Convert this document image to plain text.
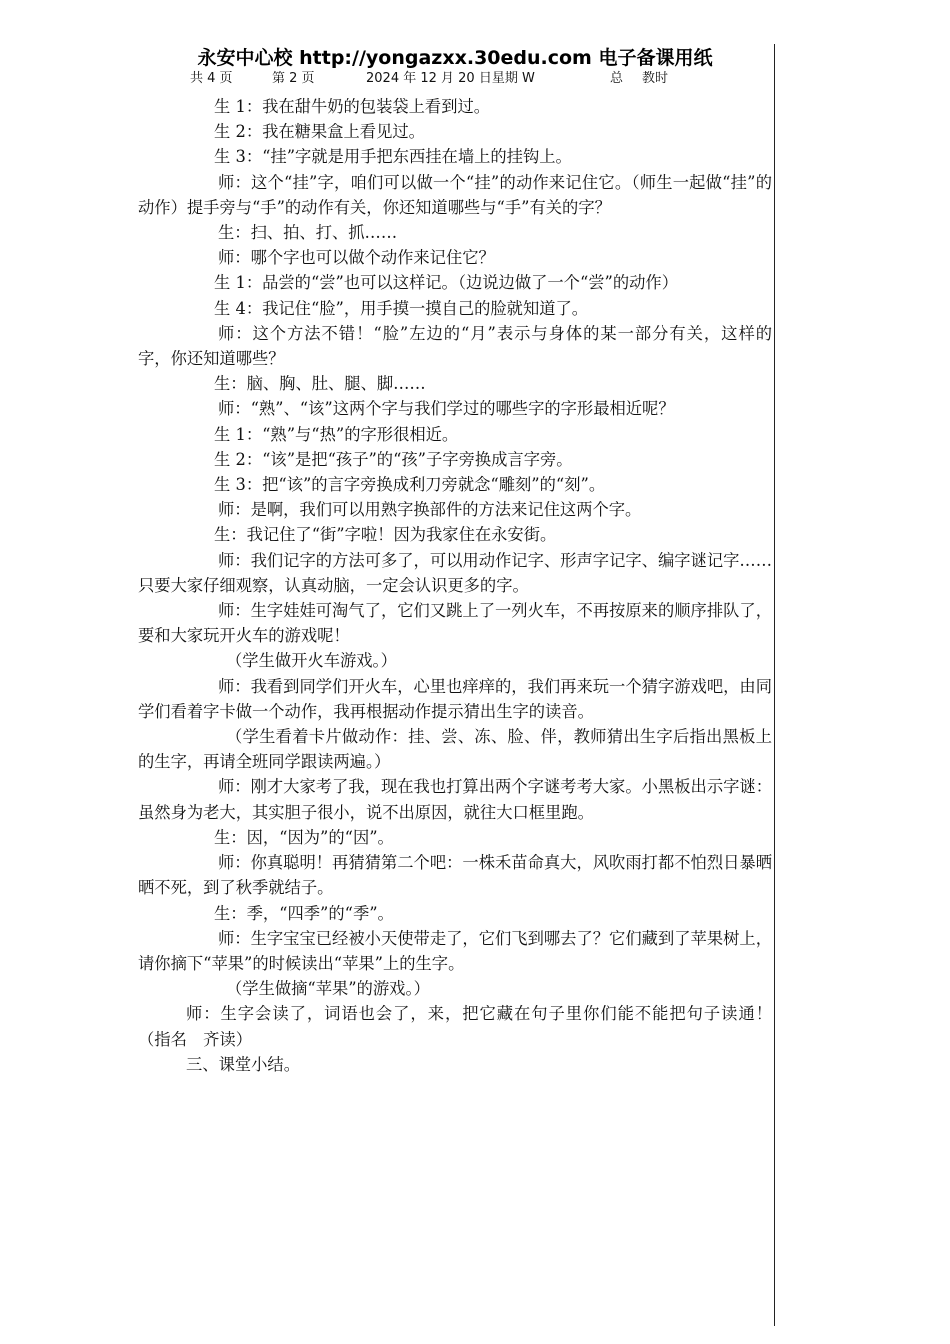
永安中心校 http://yongazxx.30edu.com 电子备课用纸
共 4 页	第 2 页	2024 年 12 月 20 日星期 W	总 教时

生 1：我在甜牛奶的包装袋上看到过。

生 2：我在糖果盒上看见过。

生 3：“挂”字就是用手把东西挂在墙上的挂钩上。

师：这个“挂”字，咱们可以做一个“挂”的动作来记住它。（师生一起做“挂”的动作）提手旁与“手”的动作有关，你还知道哪些与“手”有关的字？

生：扫、拍、打、抓……

师：哪个字也可以做个动作来记住它？

生 1：品尝的“尝”也可以这样记。（边说边做了一个“尝”的动作）

生 4：我记住“脸”，用手摸一摸自己的脸就知道了。

师：这个方法不错！“脸”左边的“月”表示与身体的某一部分有关，这样的字，你还知道哪些？

生：脑、胸、肚、腿、脚……

师：“熟”、“该”这两个字与我们学过的哪些字的字形最相近呢？

生 1：“熟”与“热”的字形很相近。

生 2：“该”是把“孩子”的“孩”子字旁换成言字旁。

生 3：把“该”的言字旁换成利刀旁就念“雕刻”的“刻”。

师：是啊，我们可以用熟字换部件的方法来记住这两个字。

生：我记住了“街”字啦！因为我家住在永安街。

师：我们记字的方法可多了，可以用动作记字、形声字记字、编字谜记字……只要大家仔细观察，认真动脑，一定会认识更多的字。

师：生字娃娃可淘气了，它们又跳上了一列火车，不再按原来的顺序排队了，要和大家玩开火车的游戏呢！

（学生做开火车游戏。）

师：我看到同学们开火车，心里也痒痒的，我们再来玩一个猜字游戏吧，由同学们看着字卡做一个动作，我再根据动作提示猜出生字的读音。

（学生看着卡片做动作：挂、尝、冻、脸、伴，教师猜出生字后指出黑板上的生字，再请全班同学跟读两遍。）

师：刚才大家考了我，现在我也打算出两个字谜考考大家。小黑板出示字谜：虽然身为老大，其实胆子很小，说不出原因，就往大口框里跑。

生：因，“因为”的“因”。

师：你真聪明！再猜猜第二个吧：一株禾苗命真大，风吹雨打都不怕烈日暴晒晒不死，到了秋季就结子。

生：季，“四季”的“季”。

师：生字宝宝已经被小天使带走了，它们飞到哪去了？它们藏到了苹果树上，请你摘下“苹果”的时候读出“苹果”上的生字。

（学生做摘“苹果”的游戏。）

师：生字会读了，词语也会了，来，把它藏在句子里你们能不能把句子读通！（指名　齐读）

三、课堂小结。
